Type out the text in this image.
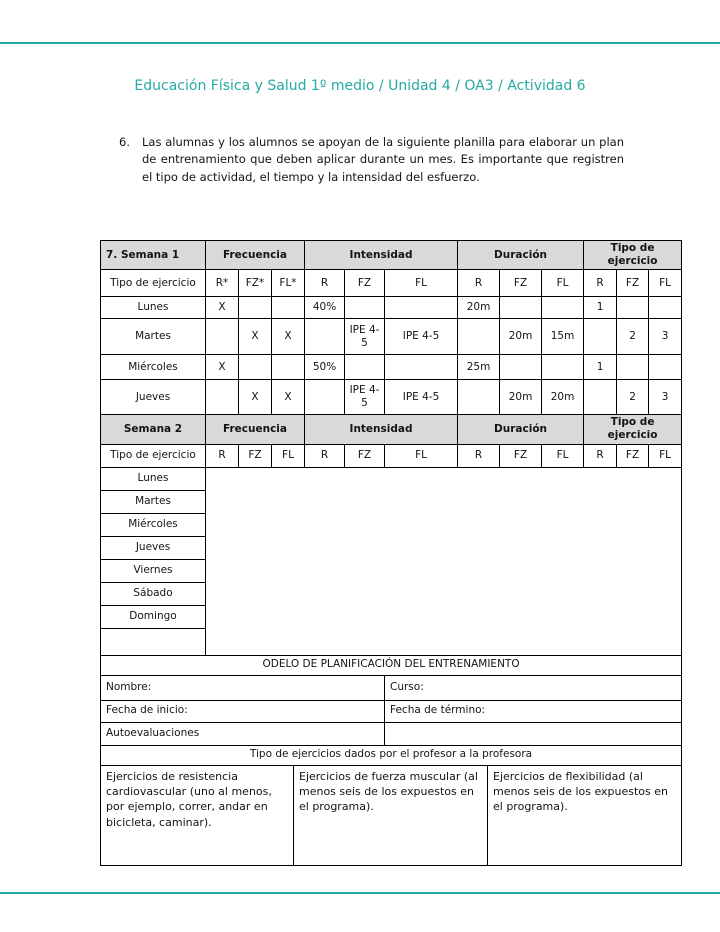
Educación Física y Salud 1º medio / Unidad 4 / OA3 / Actividad 6
6.	Las alumnas y los alumnos se apoyan de la siguiente planilla para elaborar un plan de entrenamiento que deben aplicar durante un mes. Es importante que registren el tipo de actividad, el tiempo y la intensidad del esfuerzo.
7. Semana 1	Frecuencia			Intensidad			Duración			Tipo de ejercicio		
Tipo de ejercicio	R*	FZ*	FL*	R	FZ	FL	R	FZ	FL	R	FZ	FL
Lunes	X			40%			20m			1		
Martes		X	X		IPE 4-5	IPE 4-5		20m	15m		2	3
Miércoles	X			50%			25m			1		
Jueves		X	X		IPE 4-5	IPE 4-5		20m	20m		2	3
Semana 2	Frecuencia			Intensidad			Duración			Tipo de ejercicio		
Tipo de ejercicio	R	FZ	FL	R	FZ	FL	R	FZ	FL	R	FZ	FL
Lunes												
Martes												
Miércoles												
Jueves												
Viernes												
Sábado												
Domingo												

ODELO DE PLANIFICACIÓN DEL ENTRENAMIENTO												
Nombre:						Curso:						
Fecha de inicio:						Fecha de término:						
Autoevaluaciones												
Tipo de ejercicios dados por el profesor a la profesora
Ejercicios de resistencia cardiovascular (uno al menos, por ejemplo, correr, andar en bicicleta, caminar).	Ejercicios de fuerza muscular (al menos seis de los expuestos en el programa).	Ejercicios de flexibilidad (al menos seis de los expuestos en el programa).
